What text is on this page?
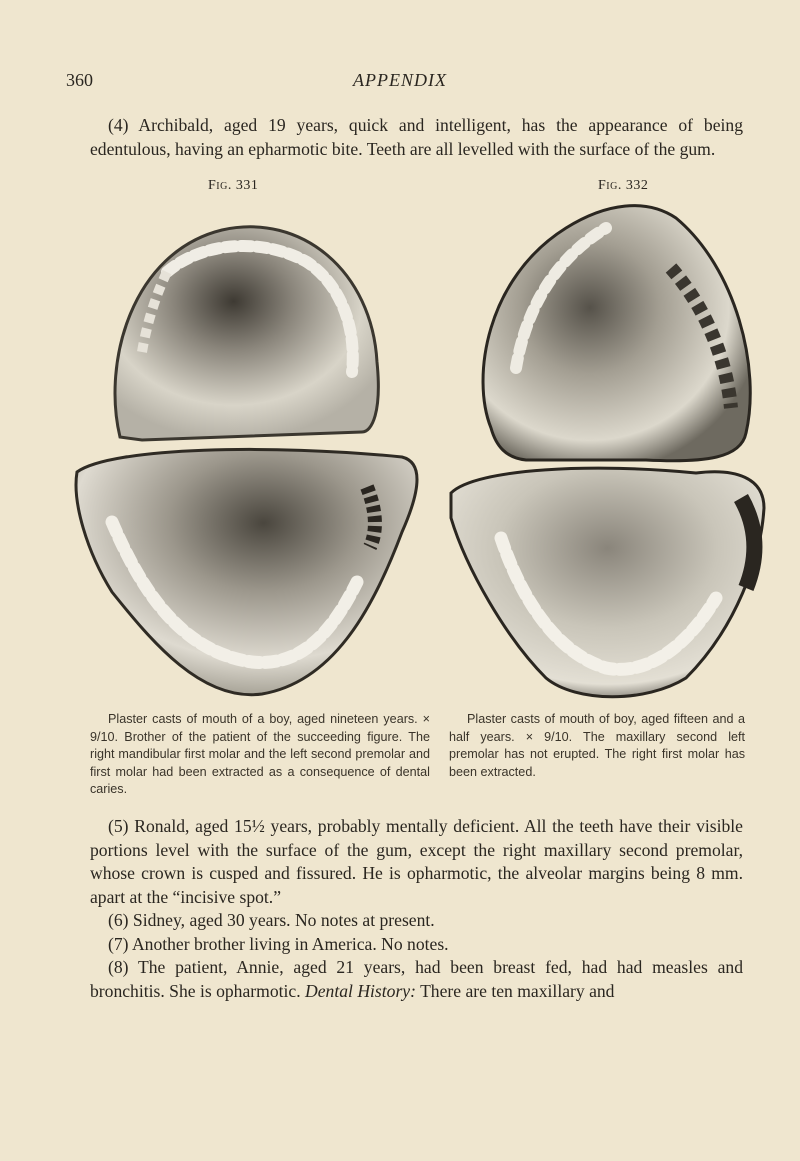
360	APPENDIX

(4) Archibald, aged 19 years, quick and intelligent, has the appearance of being edentulous, having an epharmotic bite. Teeth are all levelled with the surface of the gum.

Fig. 331	Fig. 332

Plaster casts of mouth of a boy, aged nineteen years. × 9/10. Brother of the patient of the succeeding figure. The right mandibular first molar and the left second premolar and first molar had been extracted as a consequence of dental caries.

Plaster casts of mouth of boy, aged fifteen and a half years. × 9/10. The maxillary second left premolar has not erupted. The right first molar has been extracted.

(5) Ronald, aged 15½ years, probably mentally deficient. All the teeth have their visible portions level with the surface of the gum, except the right maxillary second premolar, whose crown is cusped and fissured. He is opharmotic, the alveolar margins being 8 mm. apart at the “incisive spot.”

(6) Sidney, aged 30 years. No notes at present.

(7) Another brother living in America. No notes.

(8) The patient, Annie, aged 21 years, had been breast fed, had had measles and bronchitis. She is opharmotic. Dental History: There are ten maxillary and
